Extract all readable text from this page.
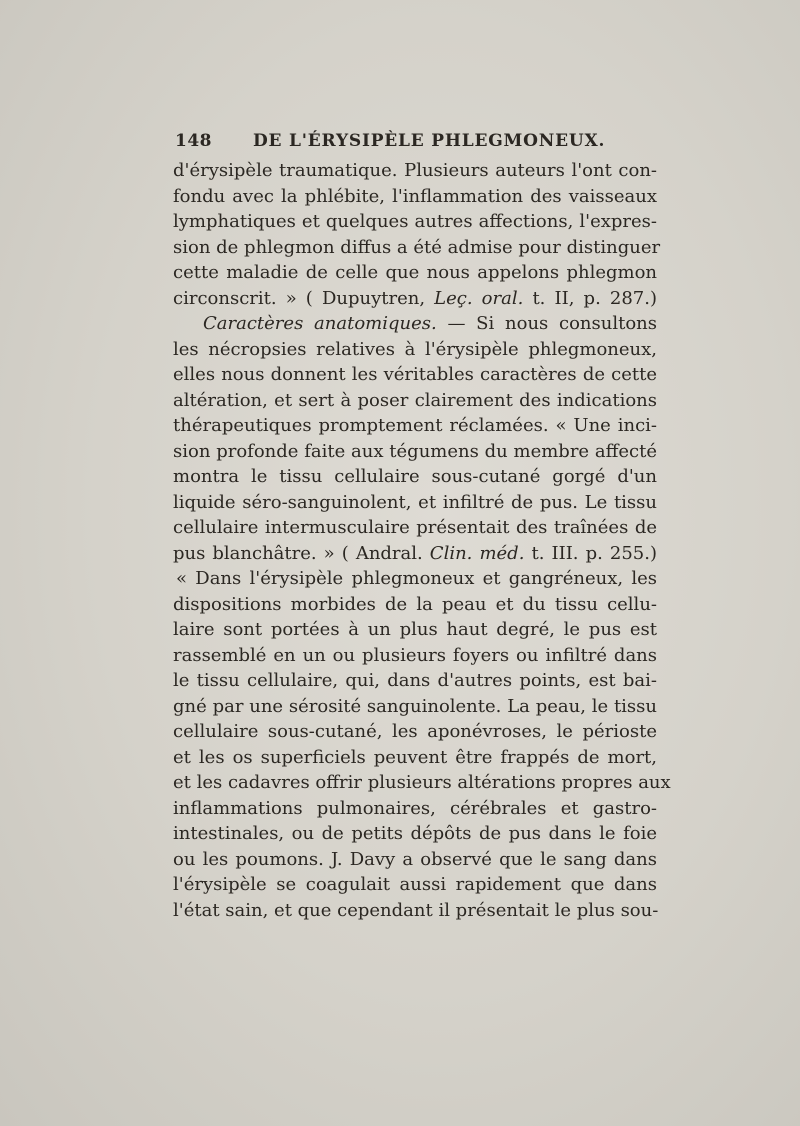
148 DE L'ÉRYSIPÈLE PHLEGMONEUX.
d'érysipèle traumatique. Plusieurs auteurs l'ont con-
fondu avec la phlébite, l'inflammation des vaisseaux
lymphatiques et quelques autres affections, l'expres-
sion de phlegmon diffus a été admise pour distinguer
cette maladie de celle que nous appelons phlegmon
circonscrit. » ( Dupuytren, Leç. oral. t. II, p. 287.)
Caractères anatomiques. — Si nous consultons
les nécropsies relatives à l'érysipèle phlegmoneux,
elles nous donnent les véritables caractères de cette
altération, et sert à poser clairement des indications
thérapeutiques promptement réclamées. « Une inci-
sion profonde faite aux tégumens du membre affecté
montra le tissu cellulaire sous-cutané gorgé d'un
liquide séro-sanguinolent, et infiltré de pus. Le tissu
cellulaire intermusculaire présentait des traînées de
pus blanchâtre. » ( Andral. Clin. méd. t. III. p. 255.)
« Dans l'érysipèle phlegmoneux et gangréneux, les
dispositions morbides de la peau et du tissu cellu-
laire sont portées à un plus haut degré, le pus est
rassemblé en un ou plusieurs foyers ou infiltré dans
le tissu cellulaire, qui, dans d'autres points, est bai-
gné par une sérosité sanguinolente. La peau, le tissu
cellulaire sous-cutané, les aponévroses, le périoste
et les os superficiels peuvent être frappés de mort,
et les cadavres offrir plusieurs altérations propres aux
inflammations pulmonaires, cérébrales et gastro-
intestinales, ou de petits dépôts de pus dans le foie
ou les poumons. J. Davy a observé que le sang dans
l'érysipèle se coagulait aussi rapidement que dans
l'état sain, et que cependant il présentait le plus sou-
